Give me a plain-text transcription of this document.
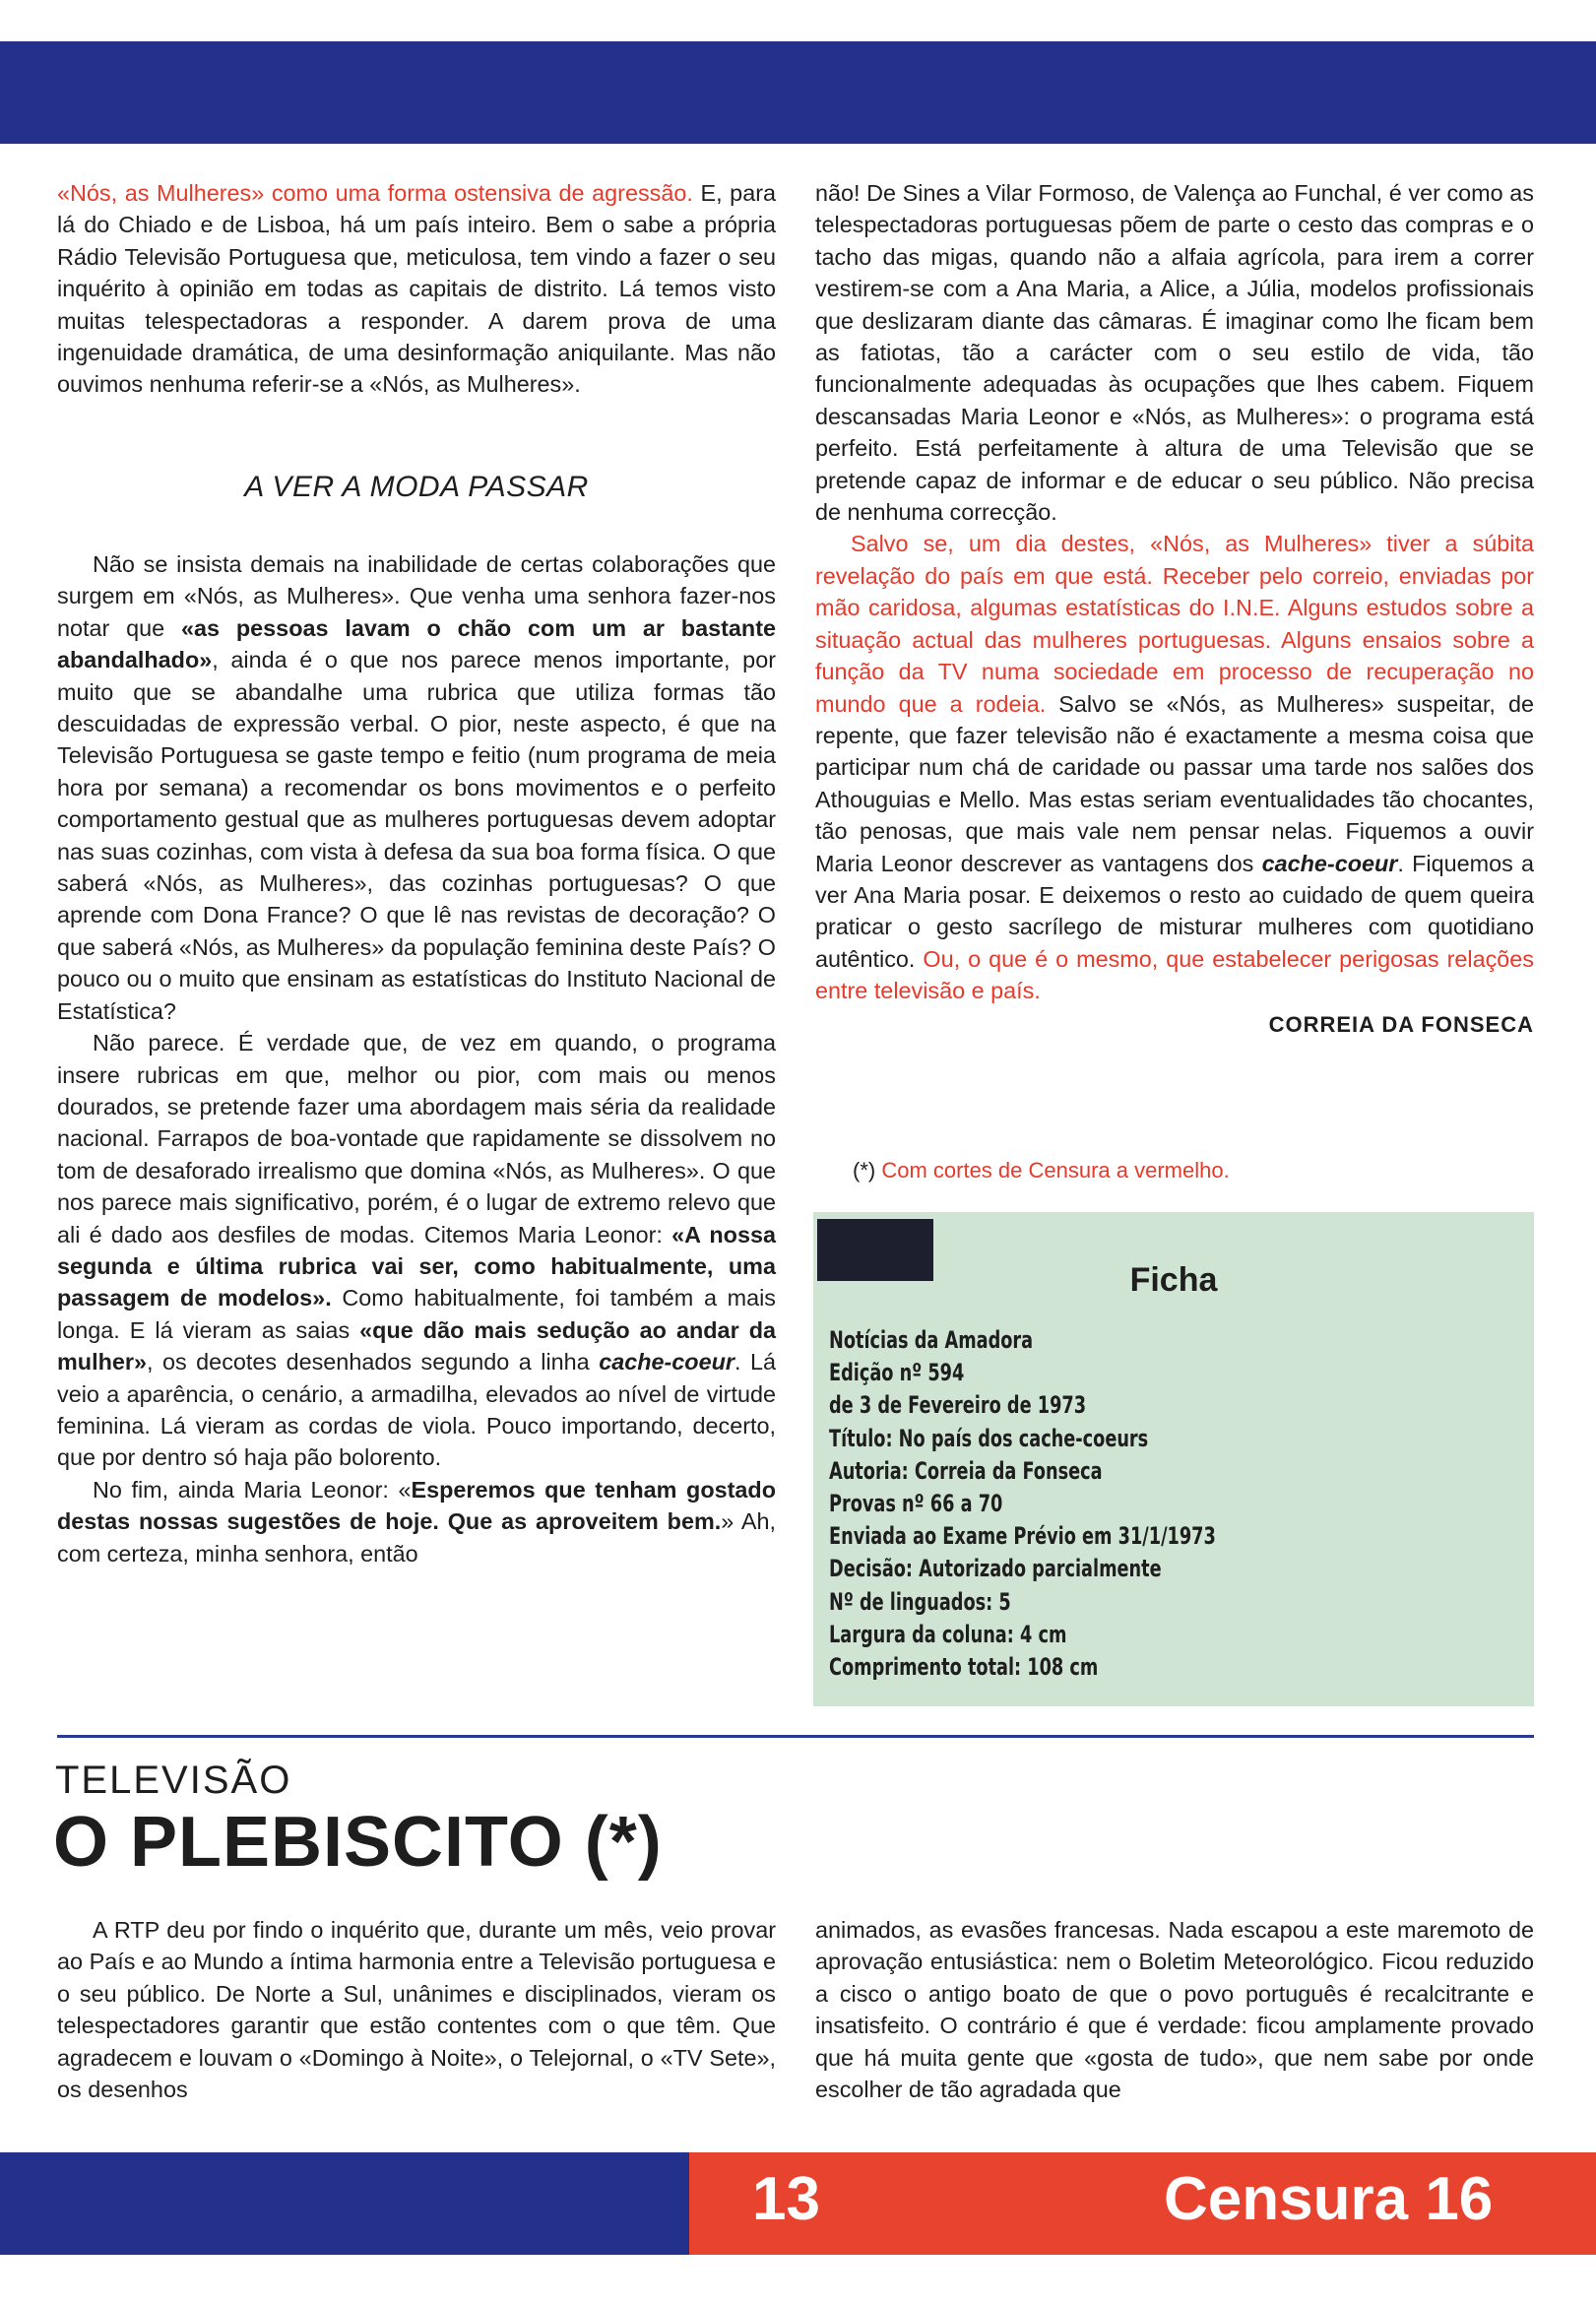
«Nós, as Mulheres» como uma forma ostensiva de agressão. E, para lá do Chiado e de Lisboa, há um país inteiro. Bem o sabe a própria Rádio Televisão Portuguesa que, meticulosa, tem vindo a fazer o seu inquérito à opinião em todas as capitais de distrito. Lá temos visto muitas telespectadoras a responder. A darem prova de uma ingenuidade dramática, de uma desinformação aniquilante. Mas não ouvimos nenhuma referir-se a «Nós, as Mulheres».

A VER A MODA PASSAR

Não se insista demais na inabilidade de certas colaborações que surgem em «Nós, as Mulheres». Que venha uma senhora fazer-nos notar que «as pessoas lavam o chão com um ar bastante abandalhado», ainda é o que nos parece menos importante, por muito que se abandalhe uma rubrica que utiliza formas tão descuidadas de expressão verbal. O pior, neste aspecto, é que na Televisão Portuguesa se gaste tempo e feitio (num programa de meia hora por semana) a recomendar os bons movimentos e o perfeito comportamento gestual que as mulheres portuguesas devem adoptar nas suas cozinhas, com vista à defesa da sua boa forma física. O que saberá «Nós, as Mulheres», das cozinhas portuguesas? O que aprende com Dona France? O que lê nas revistas de decoração? O que saberá «Nós, as Mulheres» da população feminina deste País? O pouco ou o muito que ensinam as estatísticas do Instituto Nacional de Estatística?

Não parece. É verdade que, de vez em quando, o programa insere rubricas em que, melhor ou pior, com mais ou menos dourados, se pretende fazer uma abordagem mais séria da realidade nacional. Farrapos de boa-vontade que rapidamente se dissolvem no tom de desaforado irrealismo que domina «Nós, as Mulheres». O que nos parece mais significativo, porém, é o lugar de extremo relevo que ali é dado aos desfiles de modas. Citemos Maria Leonor: «A nossa segunda e última rubrica vai ser, como habitualmente, uma passagem de modelos». Como habitualmente, foi também a mais longa. E lá vieram as saias «que dão mais sedução ao andar da mulher», os decotes desenhados segundo a linha cache-coeur. Lá veio a aparência, o cenário, a armadilha, elevados ao nível de virtude feminina. Lá vieram as cordas de viola. Pouco importando, decerto, que por dentro só haja pão bolorento.

No fim, ainda Maria Leonor: «Esperemos que tenham gostado destas nossas sugestões de hoje. Que as aproveitem bem.» Ah, com certeza, minha senhora, então

não! De Sines a Vilar Formoso, de Valença ao Funchal, é ver como as telespectadoras portuguesas põem de parte o cesto das compras e o tacho das migas, quando não a alfaia agrícola, para irem a correr vestirem-se com a Ana Maria, a Alice, a Júlia, modelos profissionais que deslizaram diante das câmaras. É imaginar como lhe ficam bem as fatiotas, tão a carácter com o seu estilo de vida, tão funcionalmente adequadas às ocupações que lhes cabem. Fiquem descansadas Maria Leonor e «Nós, as Mulheres»: o programa está perfeito. Está perfeitamente à altura de uma Televisão que se pretende capaz de informar e de educar o seu público. Não precisa de nenhuma correcção.

Salvo se, um dia destes, «Nós, as Mulheres» tiver a súbita revelação do país em que está. Receber pelo correio, enviadas por mão caridosa, algumas estatísticas do I.N.E. Alguns estudos sobre a situação actual das mulheres portuguesas. Alguns ensaios sobre a função da TV numa sociedade em processo de recuperação no mundo que a rodeia. Salvo se «Nós, as Mulheres» suspeitar, de repente, que fazer televisão não é exactamente a mesma coisa que participar num chá de caridade ou passar uma tarde nos salões dos Athouguias e Mello. Mas estas seriam eventualidades tão chocantes, tão penosas, que mais vale nem pensar nelas. Fiquemos a ouvir Maria Leonor descrever as vantagens dos cache-coeur. Fiquemos a ver Ana Maria posar. E deixemos o resto ao cuidado de quem queira praticar o gesto sacrílego de misturar mulheres com quotidiano autêntico. Ou, o que é o mesmo, que estabelecer perigosas relações entre televisão e país.

CORREIA DA FONSECA

(*) Com cortes de Censura a vermelho.
Ficha
Notícias da Amadora
Edição nº 594
de 3 de Fevereiro de 1973
Título: No país dos cache-coeurs
Autoria: Correia da Fonseca
Provas nº 66 a 70
Enviada ao Exame Prévio em 31/1/1973
Decisão: Autorizado parcialmente
Nº de linguados: 5
Largura da coluna: 4 cm
Comprimento total: 108 cm
TELEVISÃO
O PLEBISCITO (*)

A RTP deu por findo o inquérito que, durante um mês, veio provar ao País e ao Mundo a íntima harmonia entre a Televisão portuguesa e o seu público. De Norte a Sul, unânimes e disciplinados, vieram os telespectadores garantir que estão contentes com o que têm. Que agradecem e louvam o «Domingo à Noite», o Telejornal, o «TV Sete», os desenhos

animados, as evasões francesas. Nada escapou a este maremoto de aprovação entusiástica: nem o Boletim Meteorológico. Ficou reduzido a cisco o antigo boato de que o povo português é recalcitrante e insatisfeito. O contrário é que é verdade: ficou amplamente provado que há muita gente que «gosta de tudo», que nem sabe por onde escolher de tão agradada que

13	Censura 16
